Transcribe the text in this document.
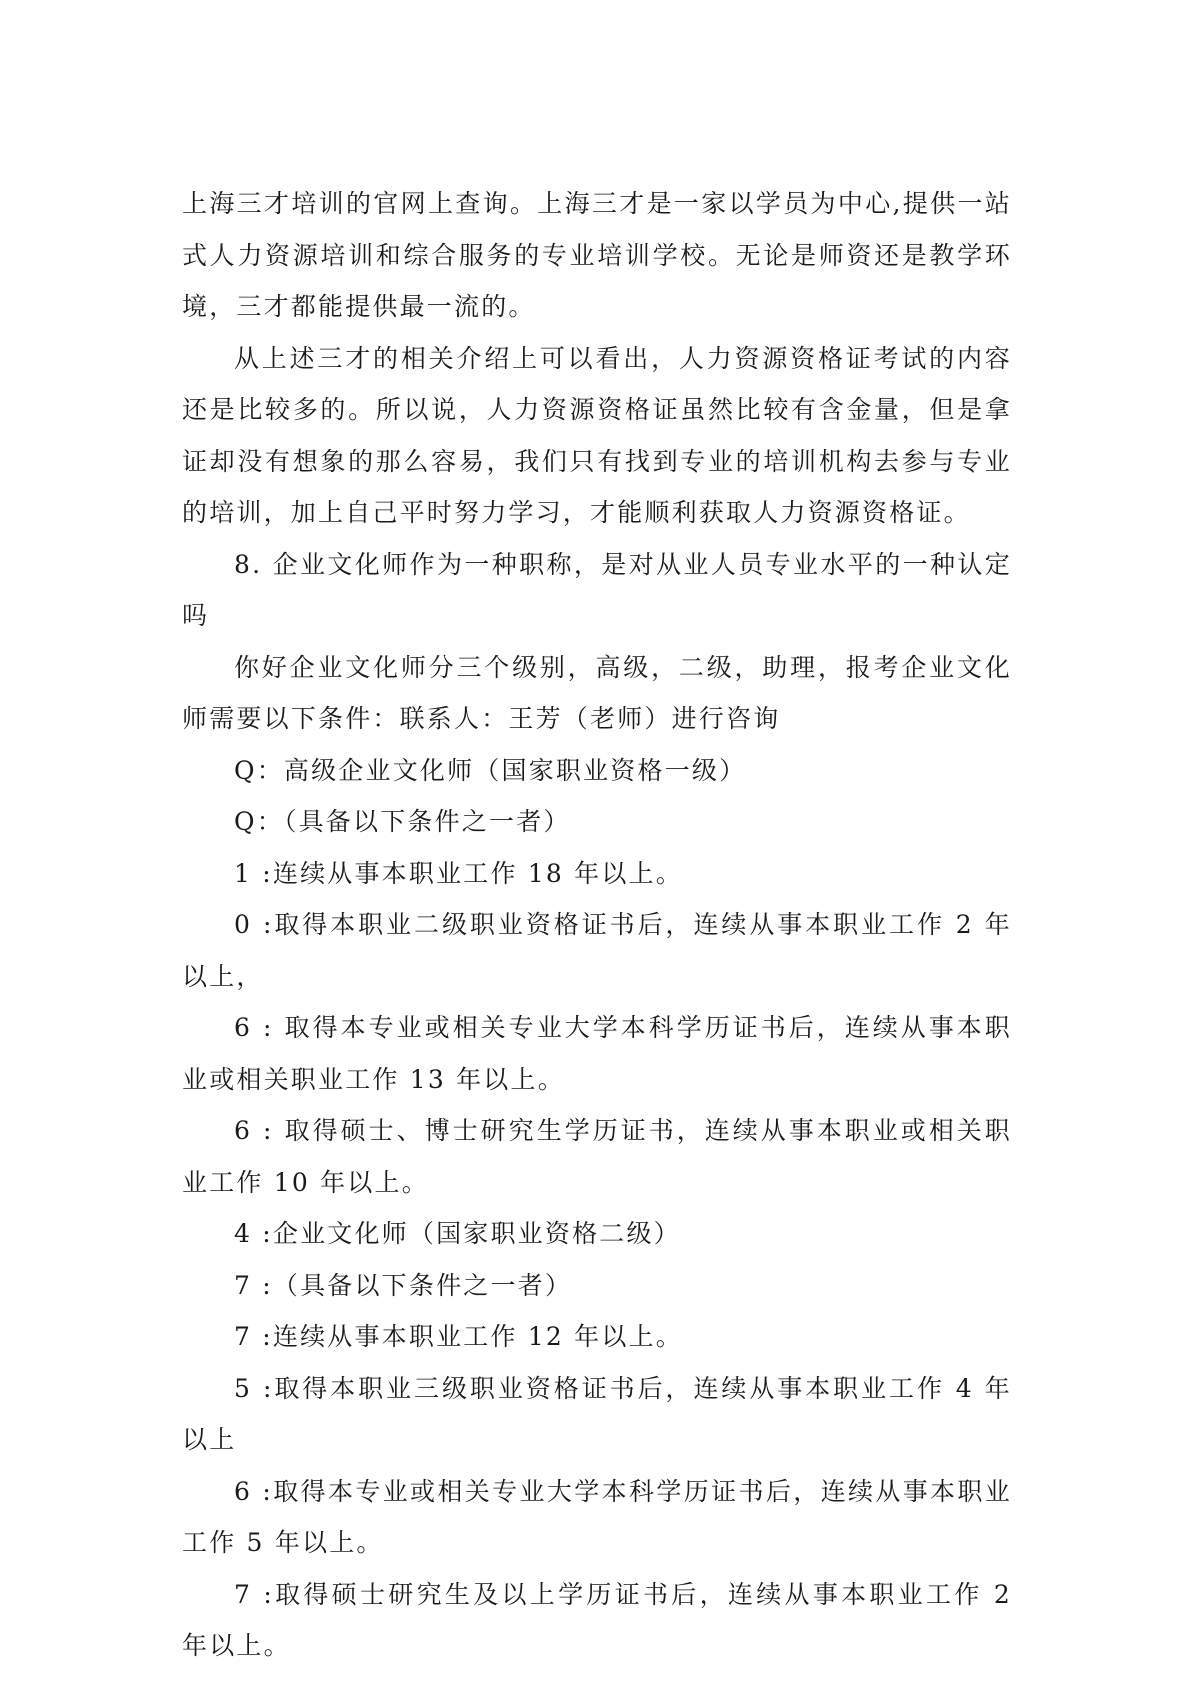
上海三才培训的官网上查询。上海三才是一家以学员为中心,提供一站式人力资源培训和综合服务的专业培训学校。无论是师资还是教学环境，三才都能提供最一流的。

从上述三才的相关介绍上可以看出，人力资源资格证考试的内容还是比较多的。所以说，人力资源资格证虽然比较有含金量，但是拿证却没有想象的那么容易，我们只有找到专业的培训机构去参与专业的培训，加上自己平时努力学习，才能顺利获取人力资源资格证。

8. 企业文化师作为一种职称，是对从业人员专业水平的一种认定吗

你好企业文化师分三个级别，高级，二级，助理，报考企业文化师需要以下条件：联系人：王芳（老师）进行咨询

Q：高级企业文化师（国家职业资格一级）

Q：（具备以下条件之一者）

1 :连续从事本职业工作 18 年以上。

0 :取得本职业二级职业资格证书后，连续从事本职业工作 2 年以上，

6 : 取得本专业或相关专业大学本科学历证书后，连续从事本职业或相关职业工作 13 年以上。

6 : 取得硕士、博士研究生学历证书，连续从事本职业或相关职业工作 10 年以上。

4 :企业文化师（国家职业资格二级）

7 :（具备以下条件之一者）

7 :连续从事本职业工作 12 年以上。

5 :取得本职业三级职业资格证书后，连续从事本职业工作 4 年以上

6 :取得本专业或相关专业大学本科学历证书后，连续从事本职业工作 5 年以上。

7 :取得硕士研究生及以上学历证书后，连续从事本职业工作 2 年以上。
